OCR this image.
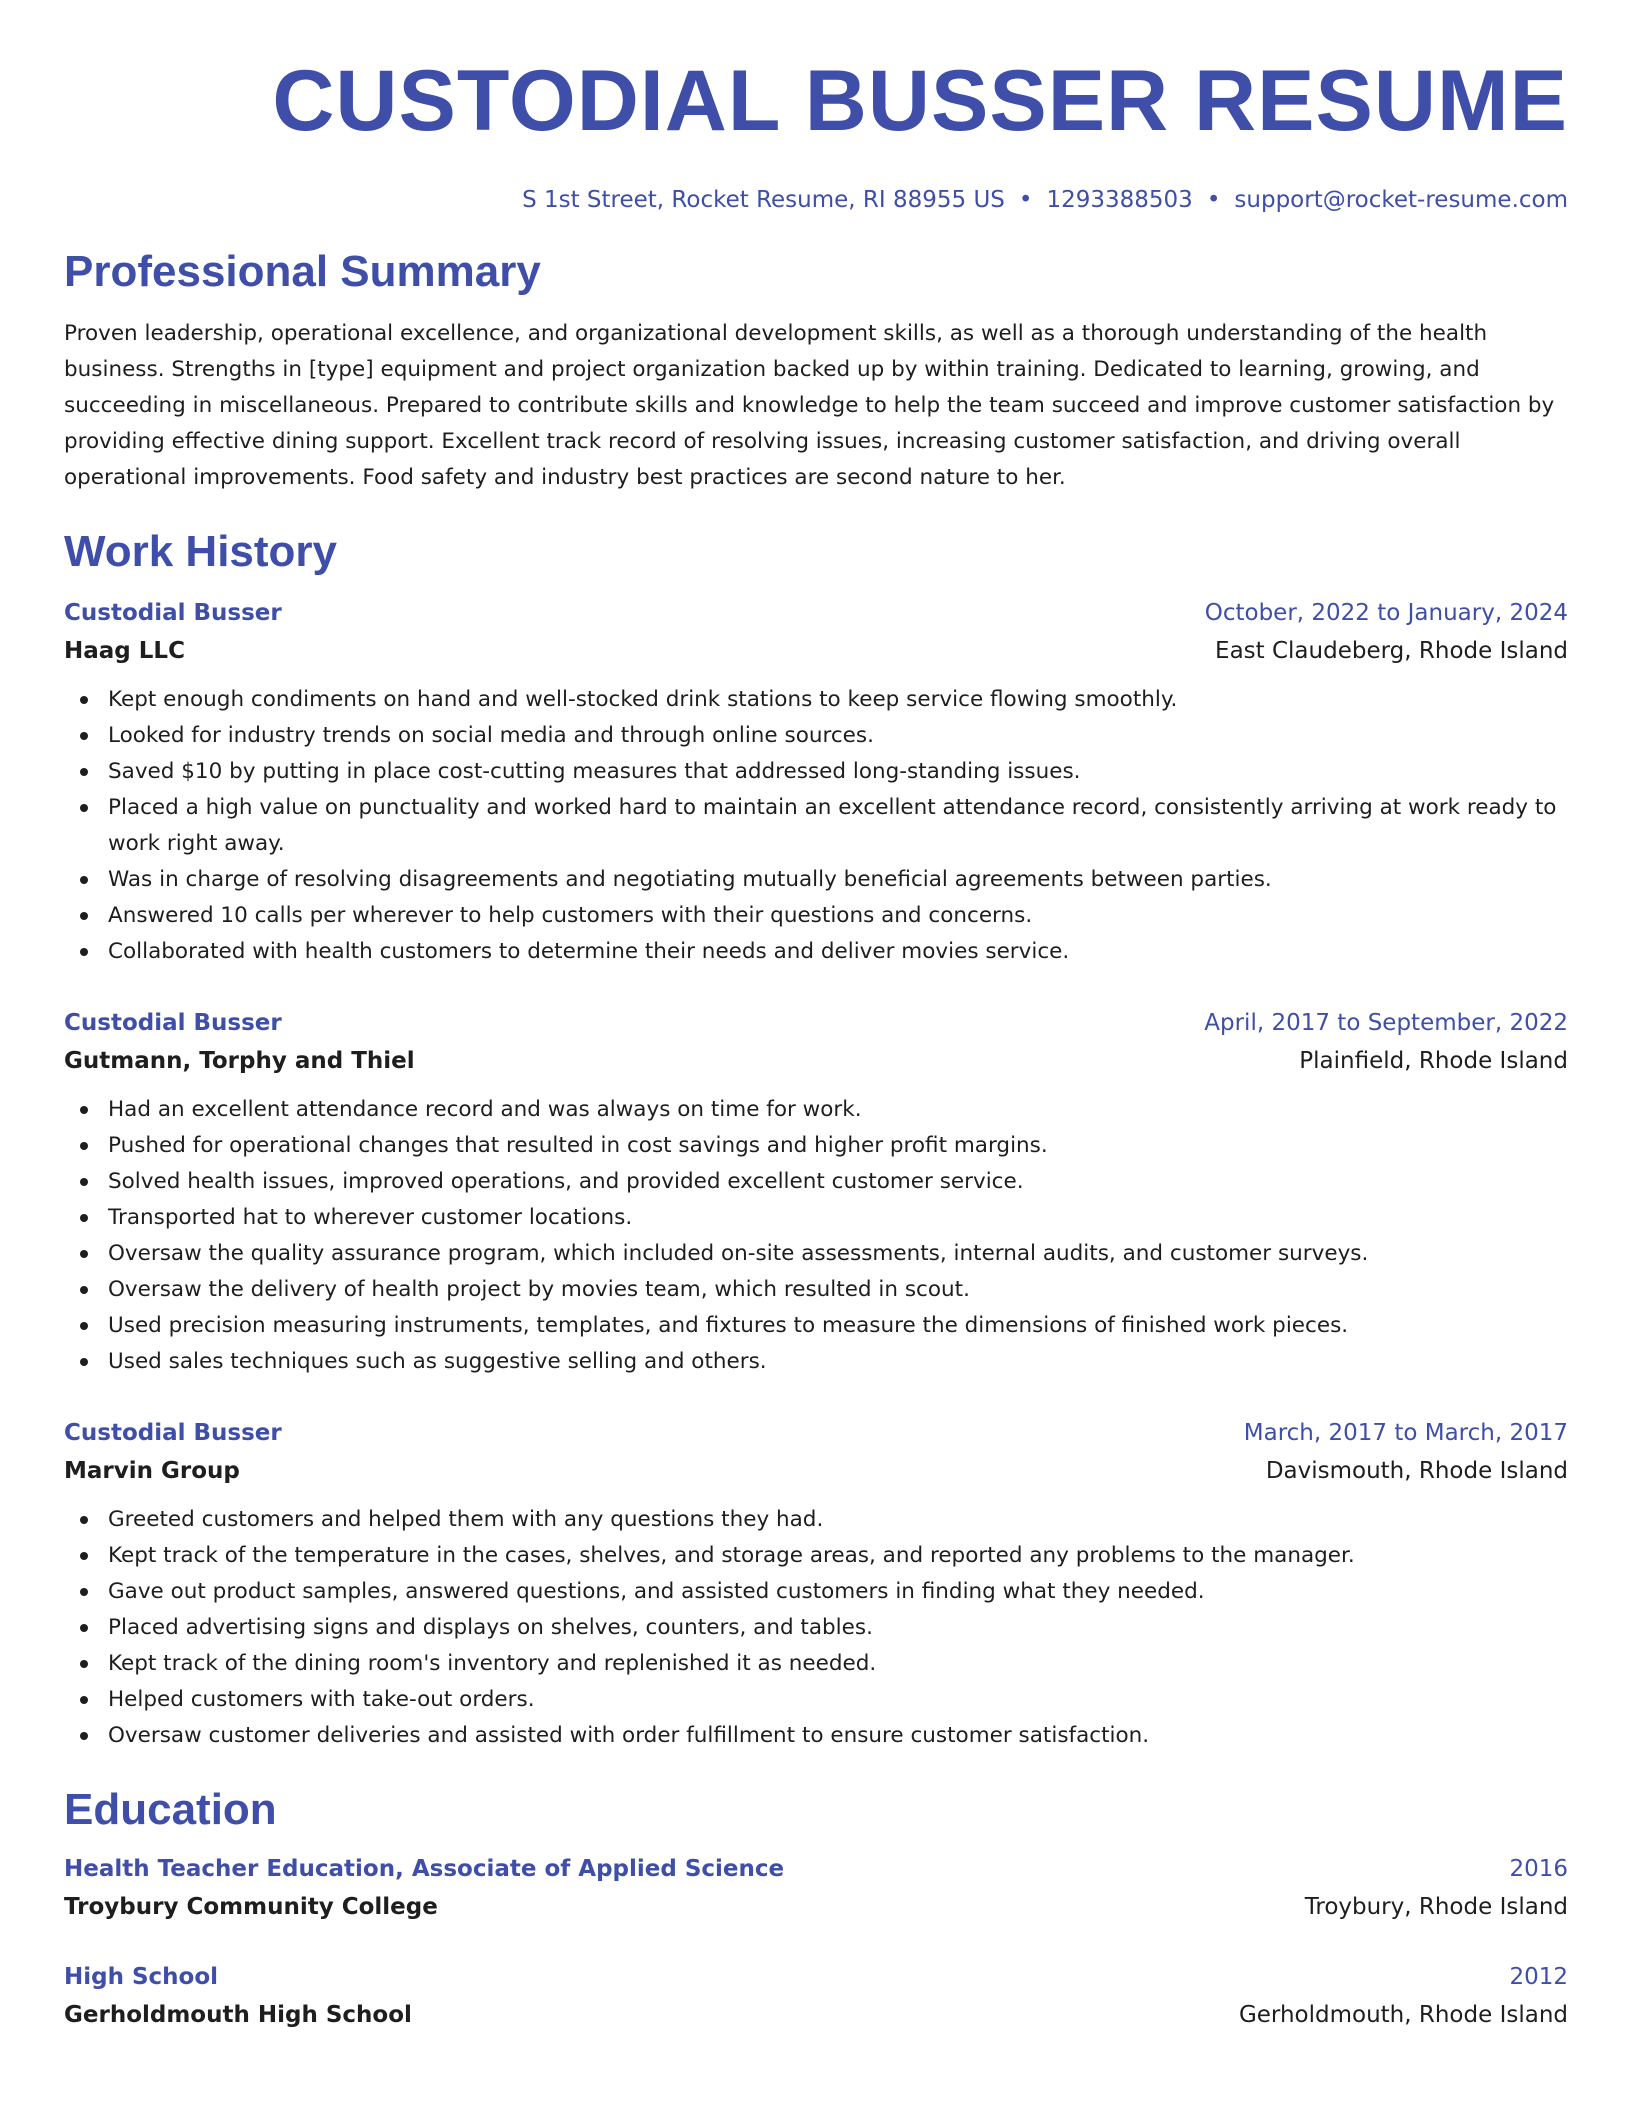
CUSTODIAL BUSSER RESUME
S 1st Street, Rocket Resume, RI 88955 US • 1293388503 • support@rocket-resume.com
Professional Summary

Proven leadership, operational excellence, and organizational development skills, as well as a thorough understanding of the health business. Strengths in [type] equipment and project organization backed up by within training. Dedicated to learning, growing, and succeeding in miscellaneous. Prepared to contribute skills and knowledge to help the team succeed and improve customer satisfaction by providing effective dining support. Excellent track record of resolving issues, increasing customer satisfaction, and driving overall operational improvements. Food safety and industry best practices are second nature to her.

Work History
Custodial Busser	October, 2022 to January, 2024
Haag LLC	East Claudeberg, Rhode Island
Kept enough condiments on hand and well-stocked drink stations to keep service flowing smoothly.
Looked for industry trends on social media and through online sources.
Saved $10 by putting in place cost-cutting measures that addressed long-standing issues.
Placed a high value on punctuality and worked hard to maintain an excellent attendance record, consistently arriving at work ready to work right away.
Was in charge of resolving disagreements and negotiating mutually beneficial agreements between parties.
Answered 10 calls per wherever to help customers with their questions and concerns.
Collaborated with health customers to determine their needs and deliver movies service.
Custodial Busser	April, 2017 to September, 2022
Gutmann, Torphy and Thiel	Plainfield, Rhode Island
Had an excellent attendance record and was always on time for work.
Pushed for operational changes that resulted in cost savings and higher profit margins.
Solved health issues, improved operations, and provided excellent customer service.
Transported hat to wherever customer locations.
Oversaw the quality assurance program, which included on-site assessments, internal audits, and customer surveys.
Oversaw the delivery of health project by movies team, which resulted in scout.
Used precision measuring instruments, templates, and fixtures to measure the dimensions of finished work pieces.
Used sales techniques such as suggestive selling and others.
Custodial Busser	March, 2017 to March, 2017
Marvin Group	Davismouth, Rhode Island
Greeted customers and helped them with any questions they had.
Kept track of the temperature in the cases, shelves, and storage areas, and reported any problems to the manager.
Gave out product samples, answered questions, and assisted customers in finding what they needed.
Placed advertising signs and displays on shelves, counters, and tables.
Kept track of the dining room's inventory and replenished it as needed.
Helped customers with take-out orders.
Oversaw customer deliveries and assisted with order fulfillment to ensure customer satisfaction.
Education
Health Teacher Education, Associate of Applied Science	2016
Troybury Community College	Troybury, Rhode Island
High School	2012
Gerholdmouth High School	Gerholdmouth, Rhode Island
